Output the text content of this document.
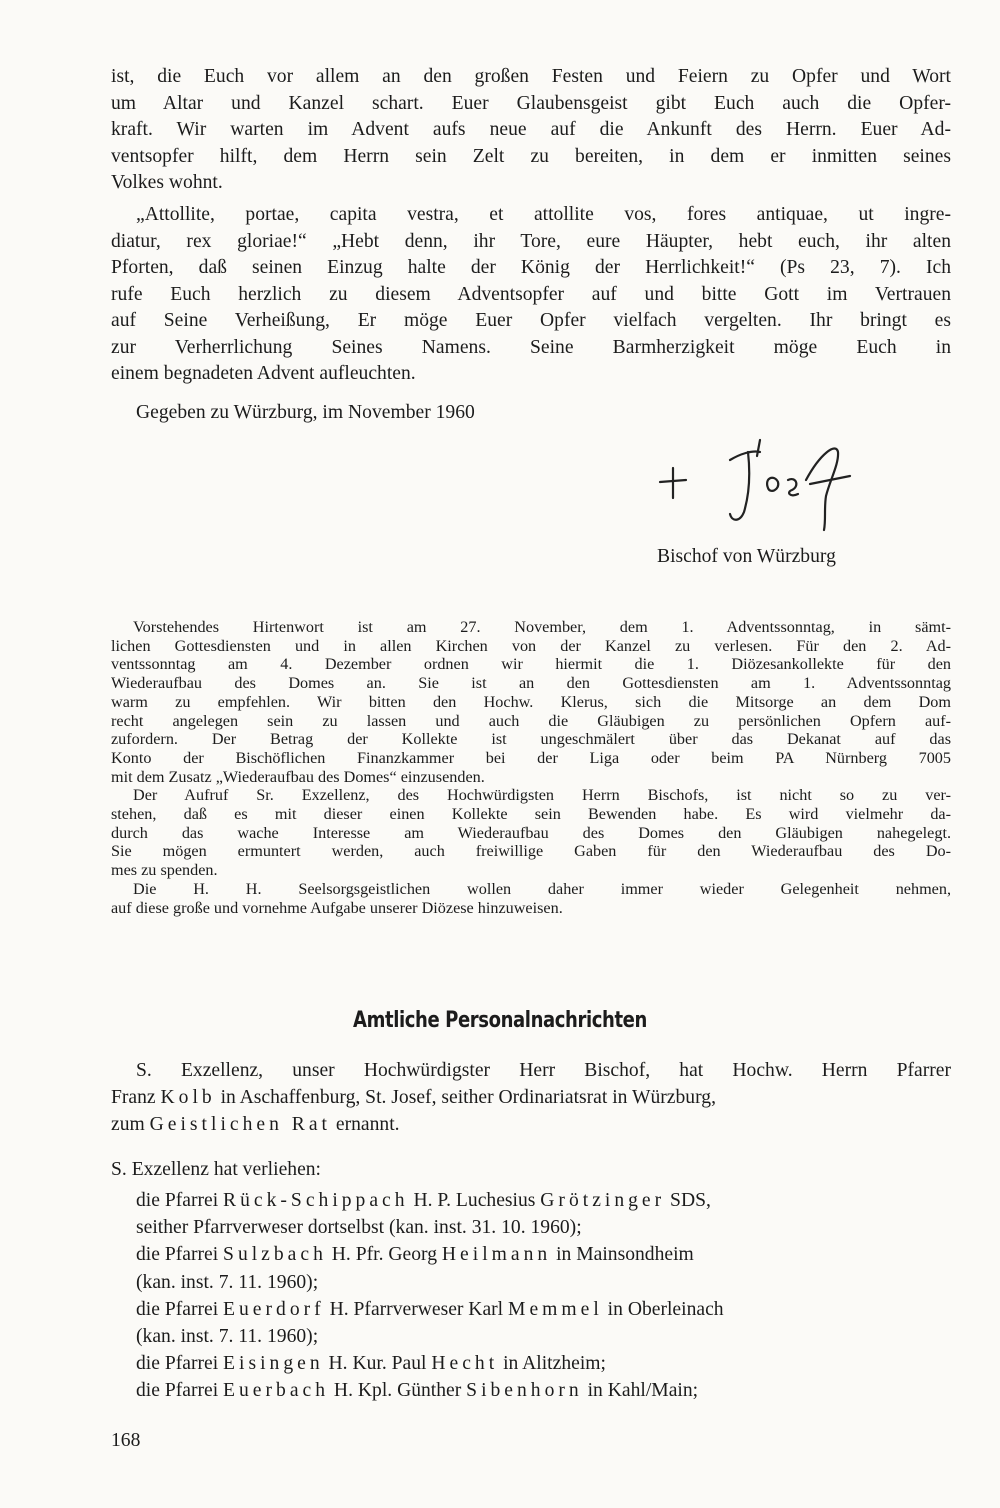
ist, die Euch vor allem an den großen Festen und Feiern zu Opfer und Wort

um Altar und Kanzel schart. Euer Glaubensgeist gibt Euch auch die Opfer-

kraft. Wir warten im Advent aufs neue auf die Ankunft des Herrn. Euer Ad-

ventsopfer hilft, dem Herrn sein Zelt zu bereiten, in dem er inmitten seines

Volkes wohnt.

„Attollite, portae, capita vestra, et attollite vos, fores antiquae, ut ingre-

diatur, rex gloriae!“ „Hebt denn, ihr Tore, eure Häupter, hebt euch, ihr alten

Pforten, daß seinen Einzug halte der König der Herrlichkeit!“ (Ps 23, 7). Ich

rufe Euch herzlich zu diesem Adventsopfer auf und bitte Gott im Vertrauen

auf Seine Verheißung, Er möge Euer Opfer vielfach vergelten. Ihr bringt es

zur Verherrlichung Seines Namens. Seine Barmherzigkeit möge Euch in

einem begnadeten Advent aufleuchten.

Gegeben zu Würzburg, im November 1960

Bischof von Würzburg

Vorstehendes Hirtenwort ist am 27. November, dem 1. Adventssonntag, in sämt-
lichen Gottesdiensten und in allen Kirchen von der Kanzel zu verlesen. Für den 2. Ad-
ventssonntag am 4. Dezember ordnen wir hiermit die 1. Diözesankollekte für den
Wiederaufbau des Domes an. Sie ist an den Gottesdiensten am 1. Adventssonntag
warm zu empfehlen. Wir bitten den Hochw. Klerus, sich die Mitsorge an dem Dom
recht angelegen sein zu lassen und auch die Gläubigen zu persönlichen Opfern auf-
zufordern. Der Betrag der Kollekte ist ungeschmälert über das Dekanat auf das
Konto der Bischöflichen Finanzkammer bei der Liga oder beim PA Nürnberg 7005
mit dem Zusatz „Wiederaufbau des Domes“ einzusenden.
Der Aufruf Sr. Exzellenz, des Hochwürdigsten Herrn Bischofs, ist nicht so zu ver-
stehen, daß es mit dieser einen Kollekte sein Bewenden habe. Es wird vielmehr da-
durch das wache Interesse am Wiederaufbau des Domes den Gläubigen nahegelegt.
Sie mögen ermuntert werden, auch freiwillige Gaben für den Wiederaufbau des Do-
mes zu spenden.
Die H. H. Seelsorgsgeistlichen wollen daher immer wieder Gelegenheit nehmen,
auf diese große und vornehme Aufgabe unserer Diözese hinzuweisen.
Amtliche Personalnachrichten

S. Exzellenz, unser Hochwürdigster Herr Bischof, hat Hochw. Herrn Pfarrer

Franz Kolb in Aschaffenburg, St. Josef, seither Ordinariatsrat in Würzburg,

zum Geistlichen Rat ernannt.

S. Exzellenz hat verliehen:

die Pfarrei Rück-Schippach H. P. Luchesius Grötzinger SDS,
seither Pfarrverweser dortselbst (kan. inst. 31. 10. 1960);
die Pfarrei Sulzbach H. Pfr. Georg Heilmann in Mainsondheim
(kan. inst. 7. 11. 1960);
die Pfarrei Euerdorf H. Pfarrverweser Karl Memmel in Oberleinach
(kan. inst. 7. 11. 1960);
die Pfarrei Eisingen H. Kur. Paul Hecht in Alitzheim;
die Pfarrei Euerbach H. Kpl. Günther Sibenhorn in Kahl/Main;
168
